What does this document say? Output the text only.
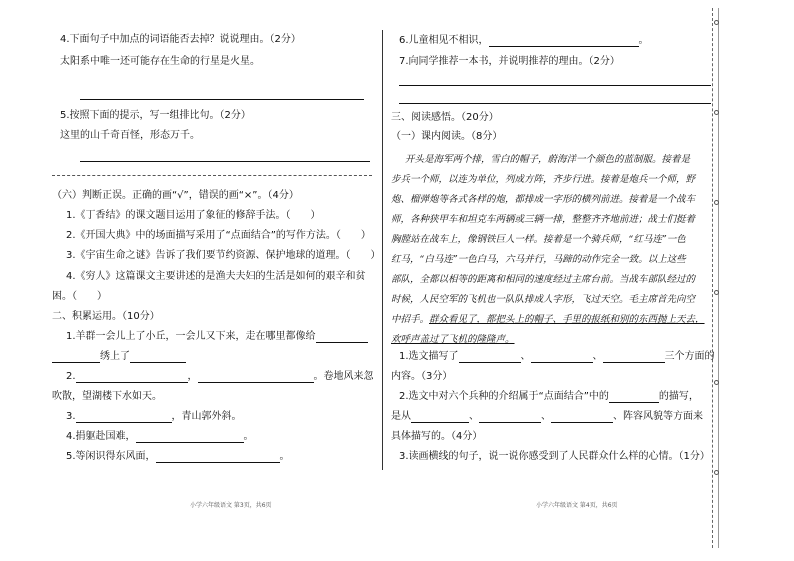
4.下面句子中加点的词语能否去掉？说说理由。（2分）
太阳系中唯一还可能存在生命的行星是火星。
5.按照下面的提示，写一组排比句。（2分）
这里的山千奇百怪，形态万千。
（六）判断正误。正确的画“√”，错误的画“×”。（4分）
1.《丁香结》的课文题目运用了象征的修辞手法。（　　）
2.《开国大典》中的场面描写采用了“点面结合”的写作方法。（　　）
3.《宇宙生命之谜》告诉了我们要节约资源、保护地球的道理。（　　）
4.《穷人》这篇课文主要讲述的是渔夫夫妇的生活是如何的艰辛和贫
困。（　　）
二、积累运用。（10分）
1.羊群一会儿上了小丘，一会儿又下来，走在哪里都像给
绣上了
2.	，	。卷地风来忽
吹散，望湖楼下水如天。
3.	，青山郭外斜。
4.捐躯赴国难，	。
5.等闲识得东风面，	。
小学六年级语文 第3页，共6页
6.儿童相见不相识，	。
7.向同学推荐一本书，并说明推荐的理由。（2分）
三、阅读感悟。（20分）
（一）课内阅读。（8分）
开头是海军两个排，雪白的帽子，蔚海洋一个颜色的蓝制服。接着是
步兵一个师，以连为单位，列成方阵，齐步行进。接着是炮兵一个师，野
炮、榴弹炮等各式各样的炮，都排成一字形的横列前进。接着是一个战车
师，各种狭甲车和坦克车两辆或三辆一排，整整齐齐地前进；战士们挺着
胸膛站在战车上，像钢铁巨人一样。接着是一个骑兵师，“红马连”一色
红马，“白马连”一色白马，六马并行，马蹄的动作完全一致。以上这些
部队，全都以相等的距离和相同的速度经过主席台前。当战车部队经过的
时候，人民空军的飞机也一队队排成人字形，飞过天空。毛主席首先向空
中招手。群众看见了，都把头上的帽子、手里的报纸和别的东西抛上天去，
欢呼声盖过了飞机的隆隆声。
1.选文描写了	、	、	三个方面的
内容。（3分）
2.选文中对六个兵种的介绍属于“点面结合”中的	的描写，
是从	、	、	、阵容风貌等方面来
具体描写的。（4分）
3.读画横线的句子，说一说你感受到了人民群众什么样的心情。（1分）
小学六年级语文 第4页，共6页
